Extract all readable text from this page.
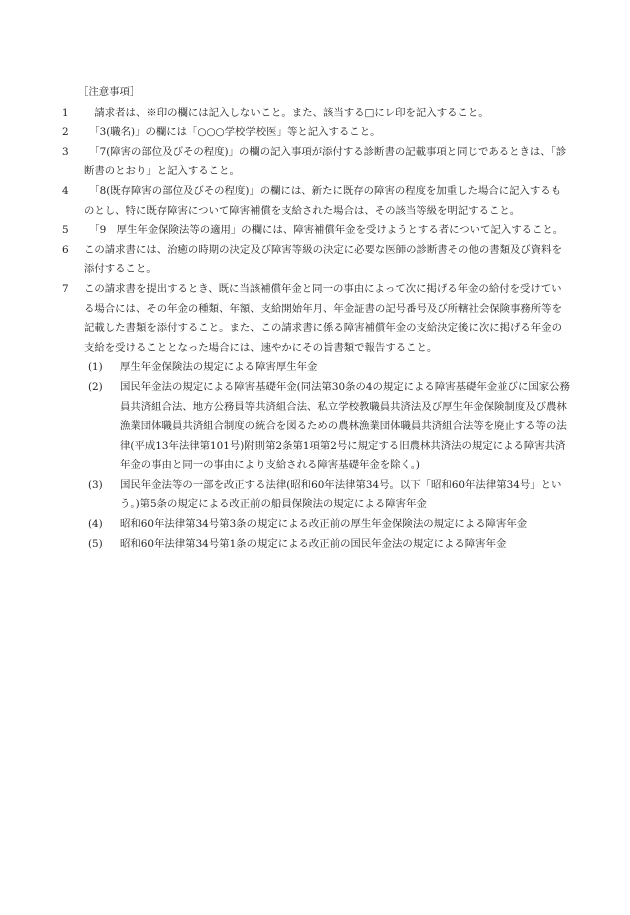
［注意事項］
1	　請求者は、※印の欄には記入しないこと。また、該当する□にレ印を記入すること。
2	　「3(職名)」の欄には「○○○学校学校医」等と記入すること。
3	　「7(障害の部位及びその程度)」の欄の記入事項が添付する診断書の記載事項と同じであるときは、「診断書のとおり」と記入すること。
4	　「8(既存障害の部位及びその程度)」の欄には、新たに既存の障害の程度を加重した場合に記入するものとし、特に既存障害について障害補償を支給された場合は、その該当等級を明記すること。
5	　「9　厚生年金保険法等の適用」の欄には、障害補償年金を受けようとする者について記入すること。
6	この請求書には、治癒の時期の決定及び障害等級の決定に必要な医師の診断書その他の書類及び資料を添付すること。
7	この請求書を提出するとき、既に当該補償年金と同一の事由によって次に掲げる年金の給付を受けている場合には、その年金の種類、年額、支給開始年月、年金証書の記号番号及び所轄社会保険事務所等を記載した書類を添付すること。また、この請求書に係る障害補償年金の支給決定後に次に掲げる年金の支給を受けることとなった場合には、速やかにその旨書類で報告すること。
(1)	厚生年金保険法の規定による障害厚生年金
(2)	国民年金法の規定による障害基礎年金(同法第30条の4の規定による障害基礎年金並びに国家公務員共済組合法、地方公務員等共済組合法、私立学校教職員共済法及び厚生年金保険制度及び農林漁業団体職員共済組合制度の統合を図るための農林漁業団体職員共済組合法等を廃止する等の法律(平成13年法律第101号)附則第2条第1項第2号に規定する旧農林共済法の規定による障害共済年金の事由と同一の事由により支給される障害基礎年金を除く。)
(3)	国民年金法等の一部を改正する法律(昭和60年法律第34号。以下「昭和60年法律第34号」という。)第5条の規定による改正前の船員保険法の規定による障害年金
(4)	昭和60年法律第34号第3条の規定による改正前の厚生年金保険法の規定による障害年金
(5)	昭和60年法律第34号第1条の規定による改正前の国民年金法の規定による障害年金
